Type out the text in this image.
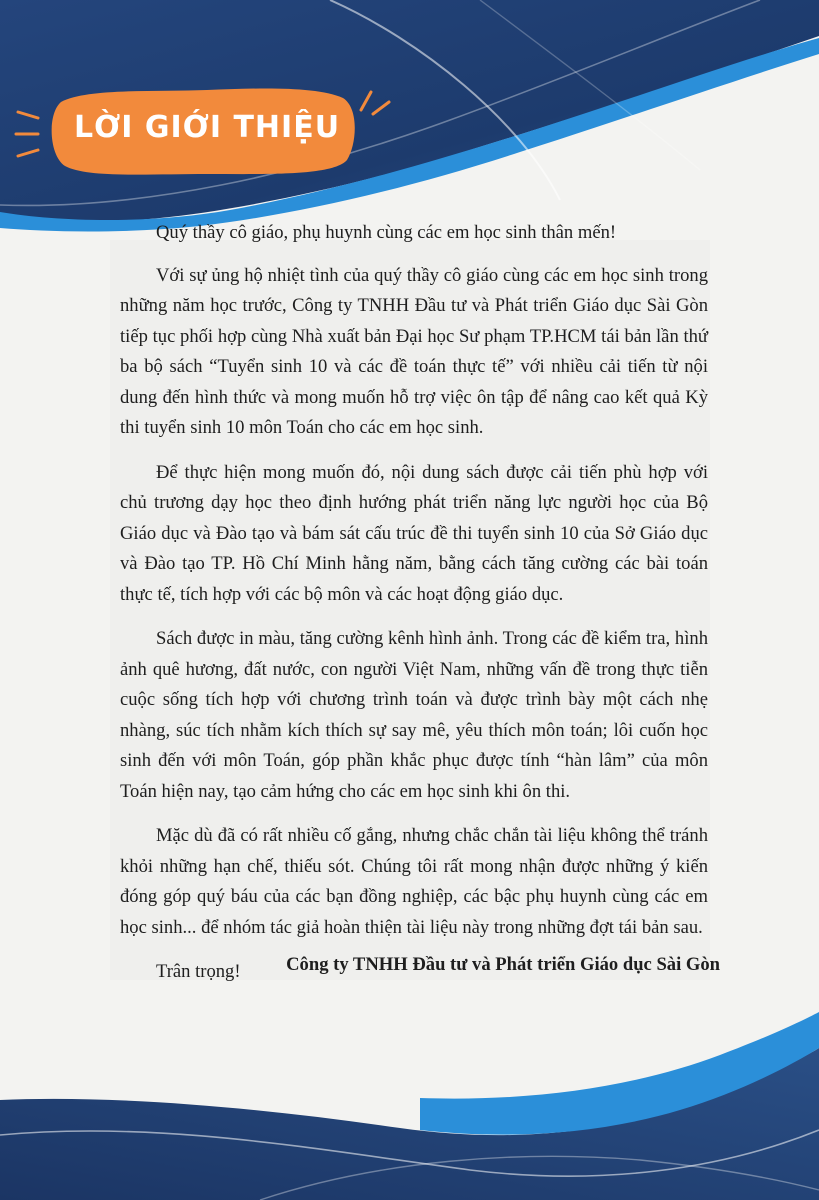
LỜI GIỚI THIỆU

Quý thầy cô giáo, phụ huynh cùng các em học sinh thân mến!

Với sự ủng hộ nhiệt tình của quý thầy cô giáo cùng các em học sinh trong những năm học trước, Công ty TNHH Đầu tư và Phát triển Giáo dục Sài Gòn tiếp tục phối hợp cùng Nhà xuất bản Đại học Sư phạm TP.HCM tái bản lần thứ ba bộ sách “Tuyển sinh 10 và các đề toán thực tế” với nhiều cải tiến từ nội dung đến hình thức và mong muốn hỗ trợ việc ôn tập để nâng cao kết quả Kỳ thi tuyển sinh 10 môn Toán cho các em học sinh.

Để thực hiện mong muốn đó, nội dung sách được cải tiến phù hợp với chủ trương dạy học theo định hướng phát triển năng lực người học của Bộ Giáo dục và Đào tạo và bám sát cấu trúc đề thi tuyển sinh 10 của Sở Giáo dục và Đào tạo TP. Hồ Chí Minh hằng năm, bằng cách tăng cường các bài toán thực tế, tích hợp với các bộ môn và các hoạt động giáo dục.

Sách được in màu, tăng cường kênh hình ảnh. Trong các đề kiểm tra, hình ảnh quê hương, đất nước, con người Việt Nam, những vấn đề trong thực tiễn cuộc sống tích hợp với chương trình toán và được trình bày một cách nhẹ nhàng, súc tích nhằm kích thích sự say mê, yêu thích môn toán; lôi cuốn học sinh đến với môn Toán, góp phần khắc phục được tính “hàn lâm” của môn Toán hiện nay, tạo cảm hứng cho các em học sinh khi ôn thi.

Mặc dù đã có rất nhiều cố gắng, nhưng chắc chắn tài liệu không thể tránh khỏi những hạn chế, thiếu sót. Chúng tôi rất mong nhận được những ý kiến đóng góp quý báu của các bạn đồng nghiệp, các bậc phụ huynh cùng các em học sinh... để nhóm tác giả hoàn thiện tài liệu này trong những đợt tái bản sau.

Trân trọng!	Công ty TNHH Đầu tư và Phát triển Giáo dục Sài Gòn
